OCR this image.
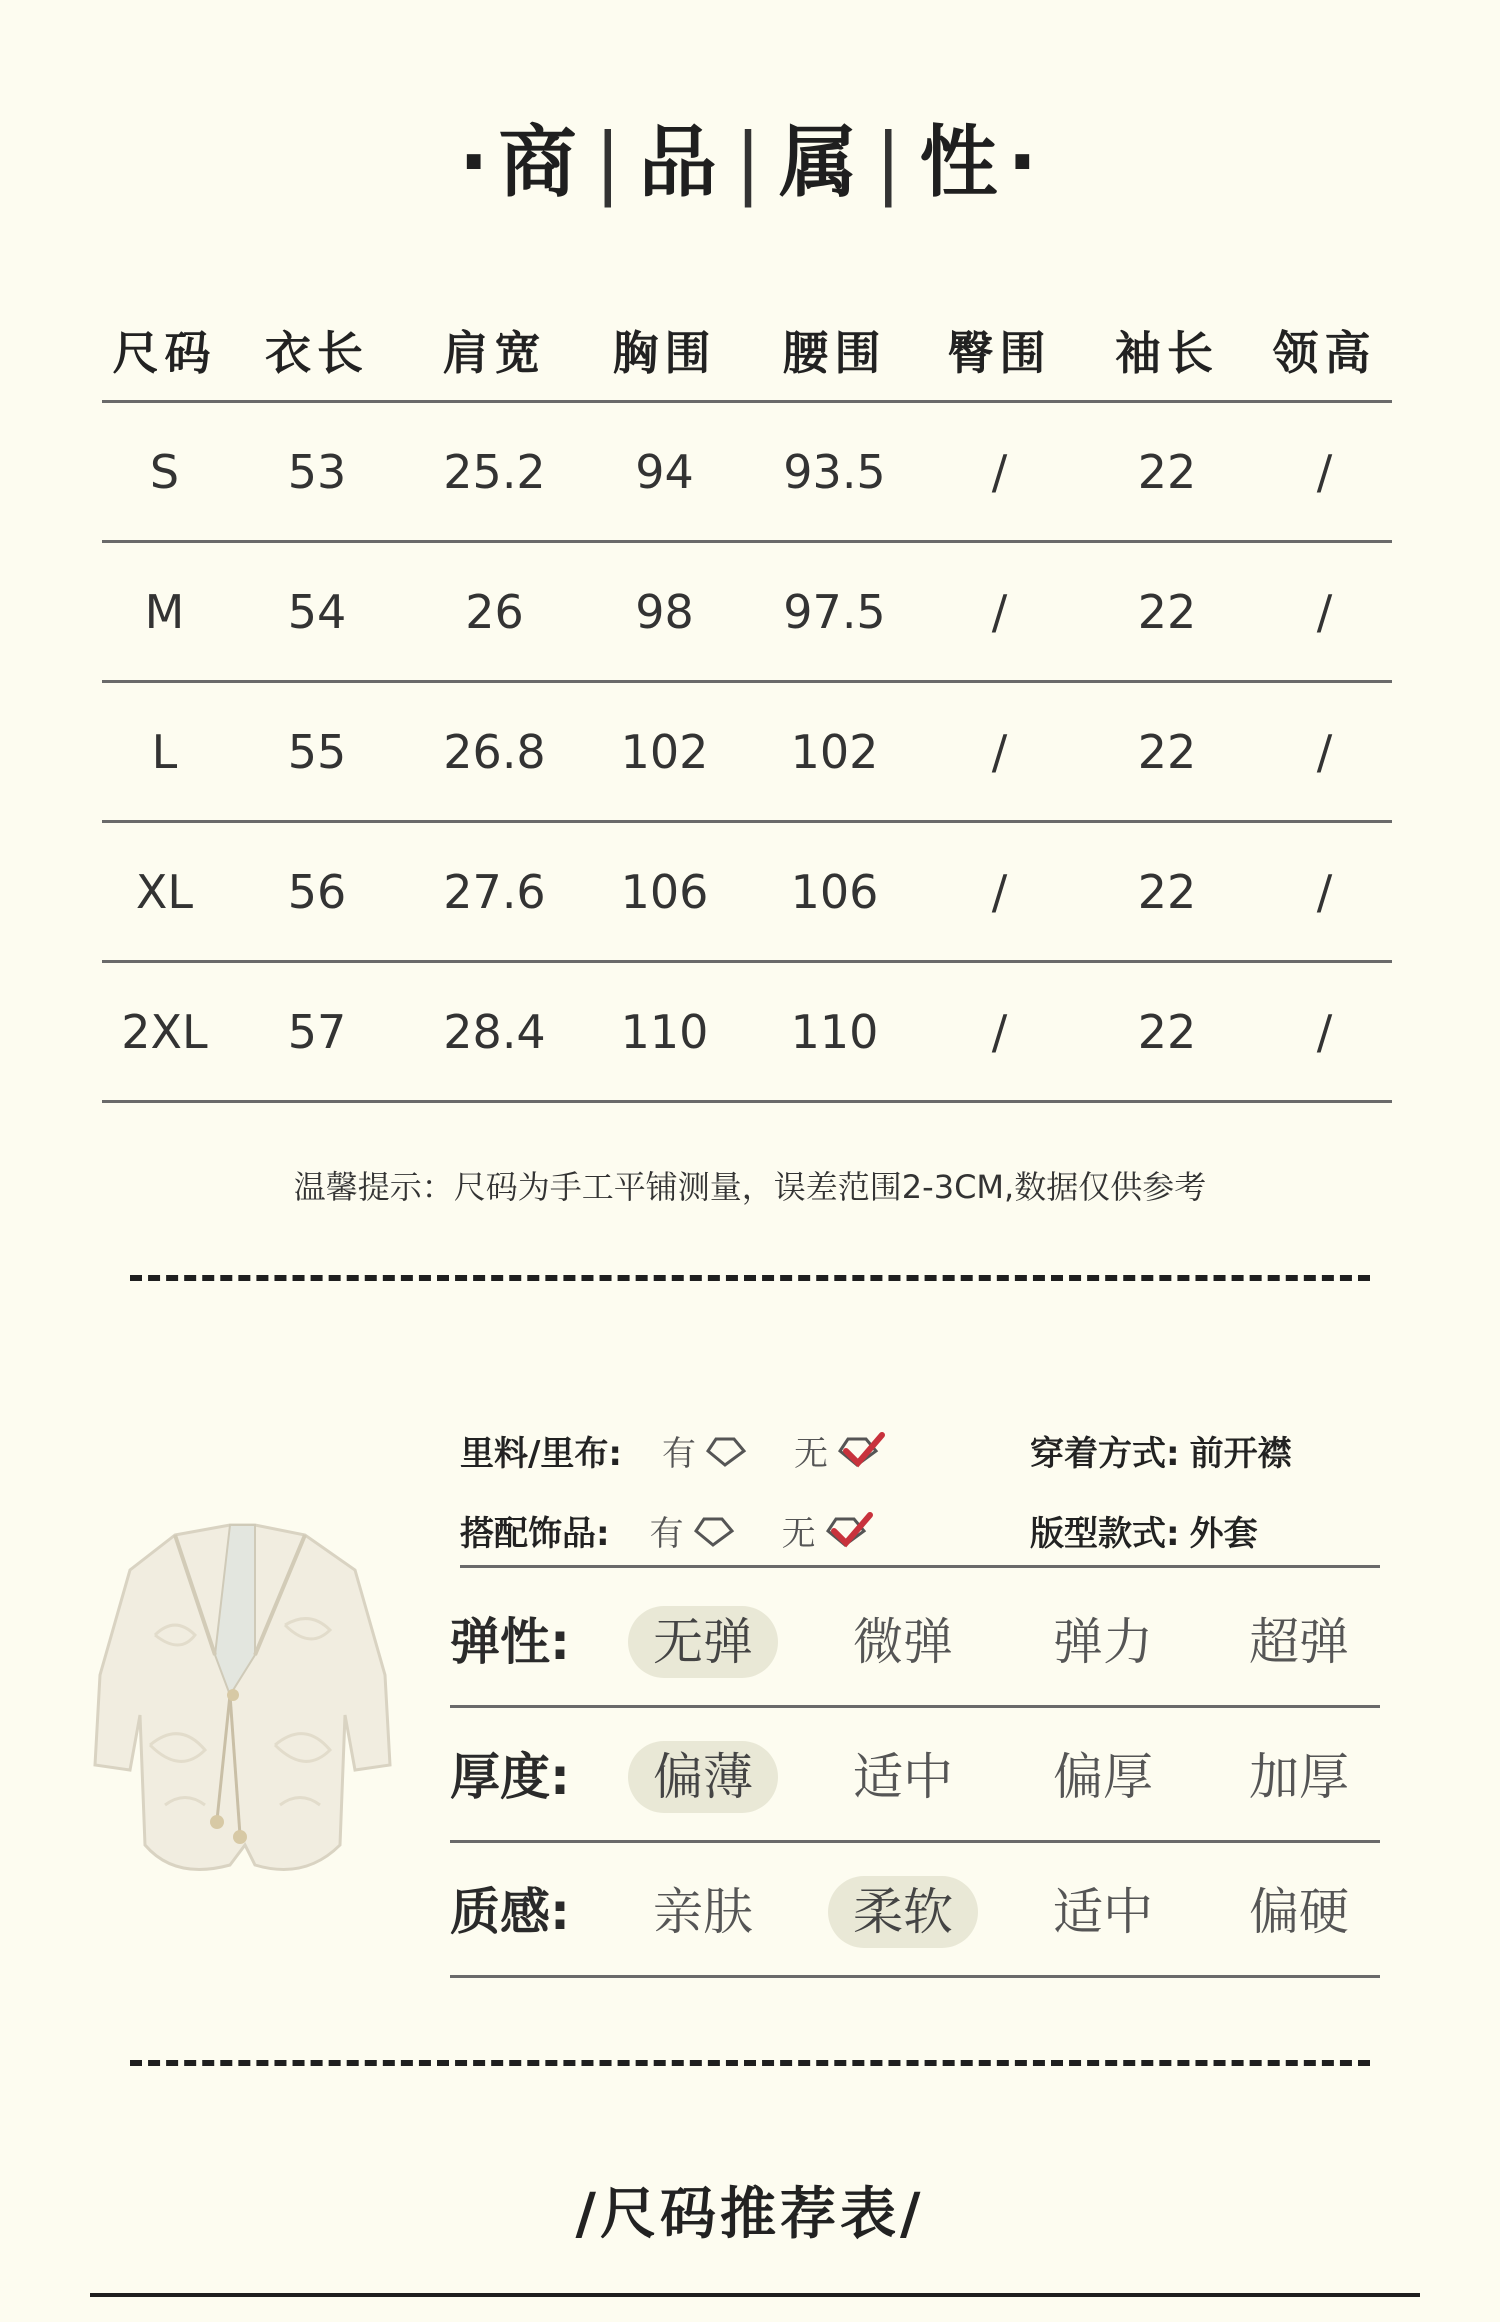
·商 | 品 | 属 | 性·
尺码	衣长	肩宽	胸围	腰围	臀围	袖长	领高
S	53	25.2	94	93.5	/	22	/
M	54	26	98	97.5	/	22	/
L	55	26.8	102	102	/	22	/
XL	56	27.6	106	106	/	22	/
2XL	57	28.4	110	110	/	22	/
温馨提示：尺码为手工平铺测量，误差范围2-3CM,数据仅供参考
里料/里布: 有	无
搭配饰品: 有	无
穿着方式: 前开襟
版型款式: 外套
弹性:	无弹	微弹	弹力	超弹
厚度:	偏薄	适中	偏厚	加厚
质感:	亲肤	柔软	适中	偏硬
/尺码推荐表/
